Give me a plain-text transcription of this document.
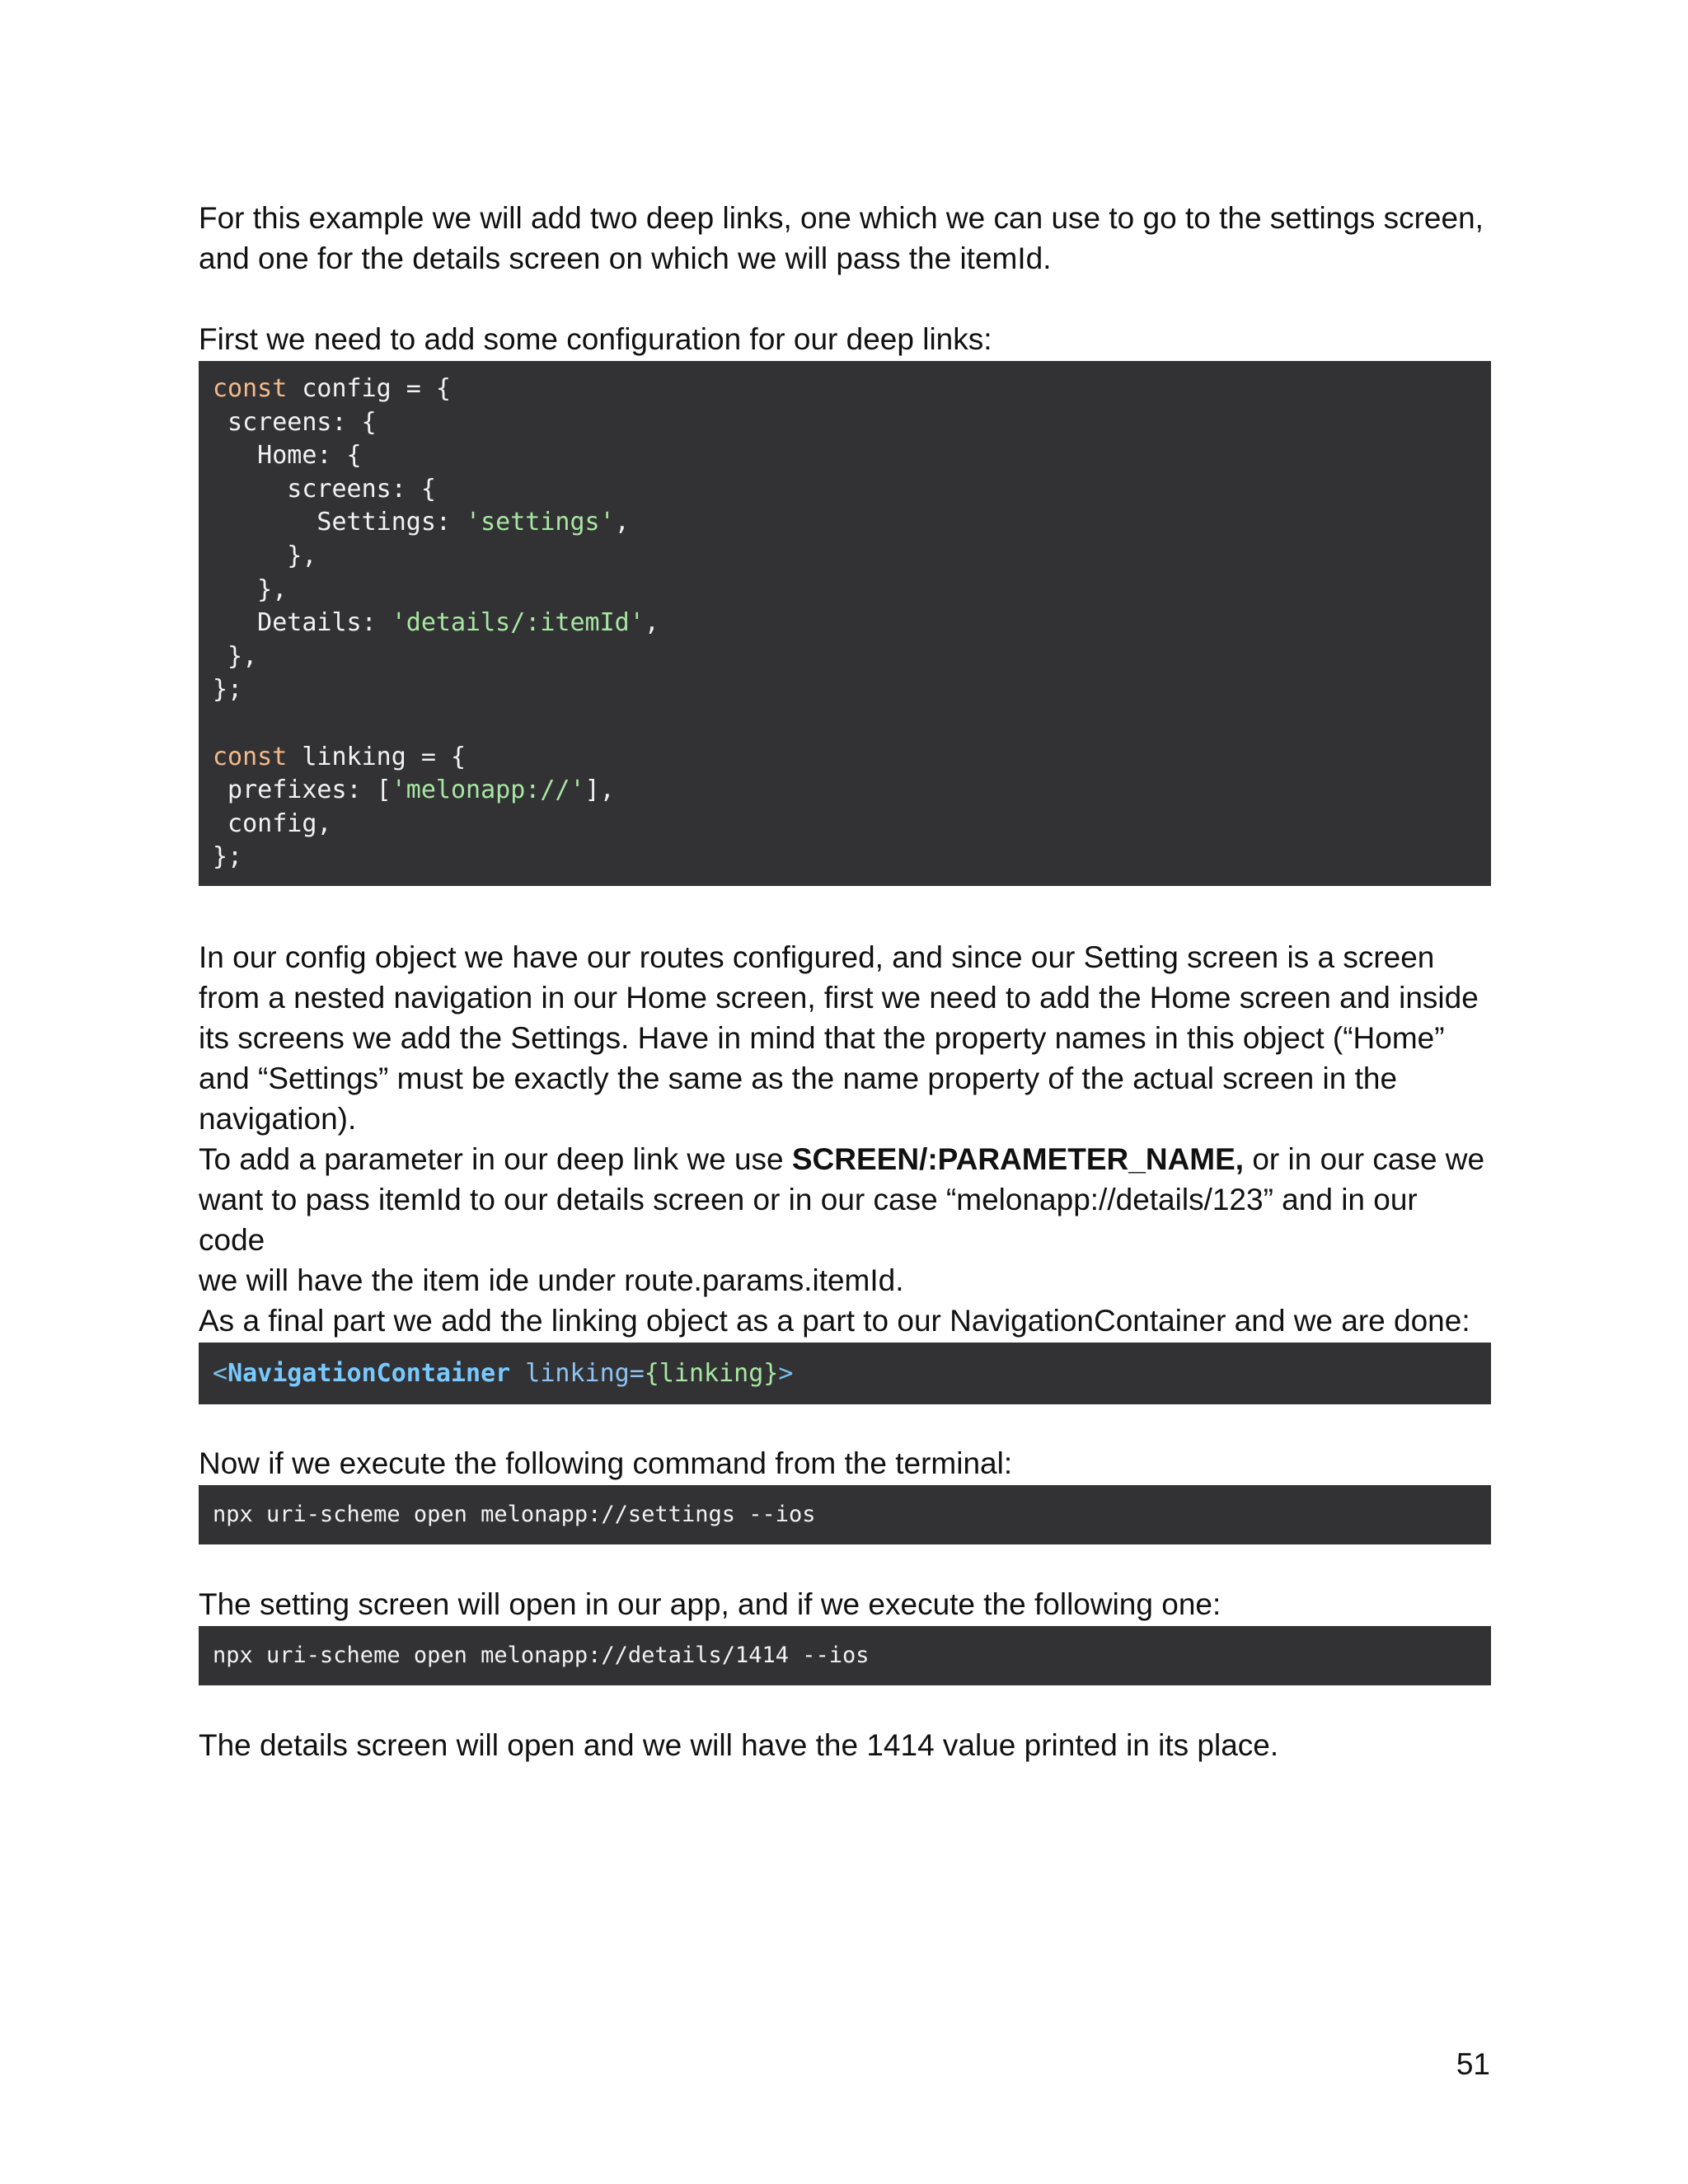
For this example we will add two deep links, one which we can use to go to the settings screen,
and one for the details screen on which we will pass the itemId.

First we need to add some configuration for our deep links:

const config = {
screens: {
Home: {
screens: {
Settings: 'settings',
},
},
Details: 'details/:itemId',
},
};
const linking = {
prefixes: ['melonapp://'],
config,
};

In our config object we have our routes configured, and since our Setting screen is a screen
from a nested navigation in our Home screen, first we need to add the Home screen and inside
its screens we add the Settings. Have in mind that the property names in this object (“Home”
and “Settings” must be exactly the same as the name property of the actual screen in the
navigation).
To add a parameter in our deep link we use SCREEN/:PARAMETER_NAME, or in our case we
want to pass itemId to our details screen or in our case “melonapp://details/123” and in our code
we will have the item ide under route.params.itemId.
As a final part we add the linking object as a part to our NavigationContainer and we are done:

< NavigationContainer linking= {linking} >

Now if we execute the following command from the terminal:

npx uri-scheme open melonapp://settings --ios

The setting screen will open in our app, and if we execute the following one:

npx uri-scheme open melonapp://details/1414 --ios

The details screen will open and we will have the 1414 value printed in its place.

51
